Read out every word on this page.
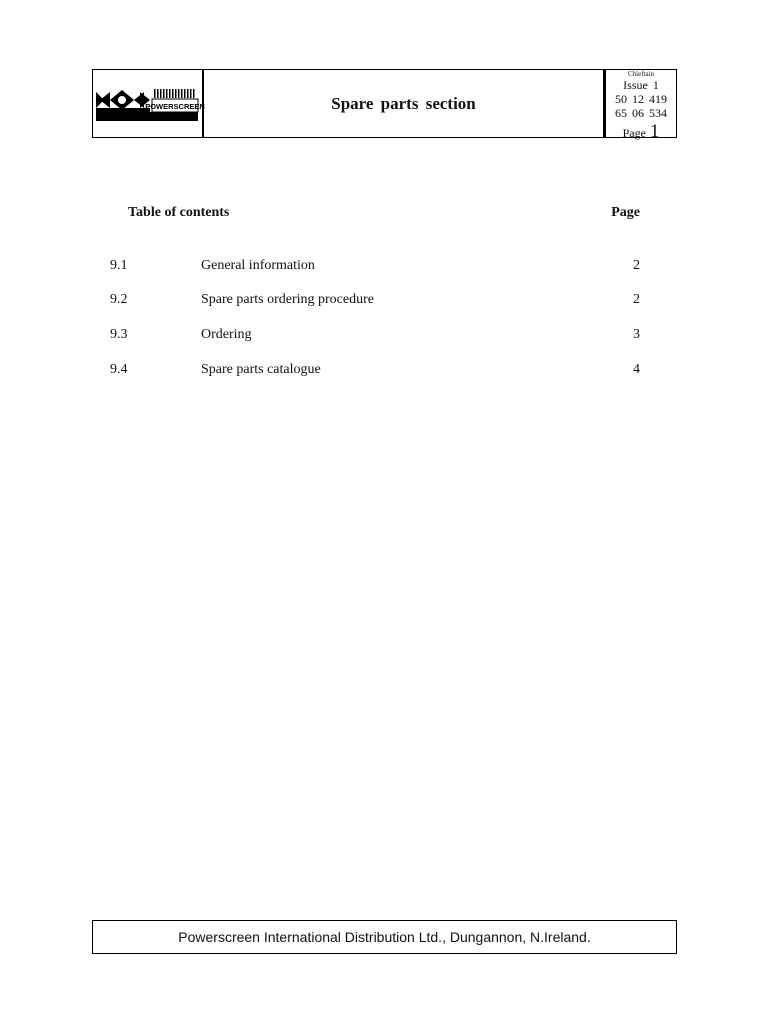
POWERSCREEN	Spare parts section
Chieftain
Issue 1
50 12 419
65 06 534
Page 1
Table of contents	Page
9.1	General information	2
9.2	Spare parts ordering procedure	2
9.3	Ordering	3
9.4	Spare parts catalogue	4
Powerscreen International Distribution Ltd., Dungannon, N.Ireland.
